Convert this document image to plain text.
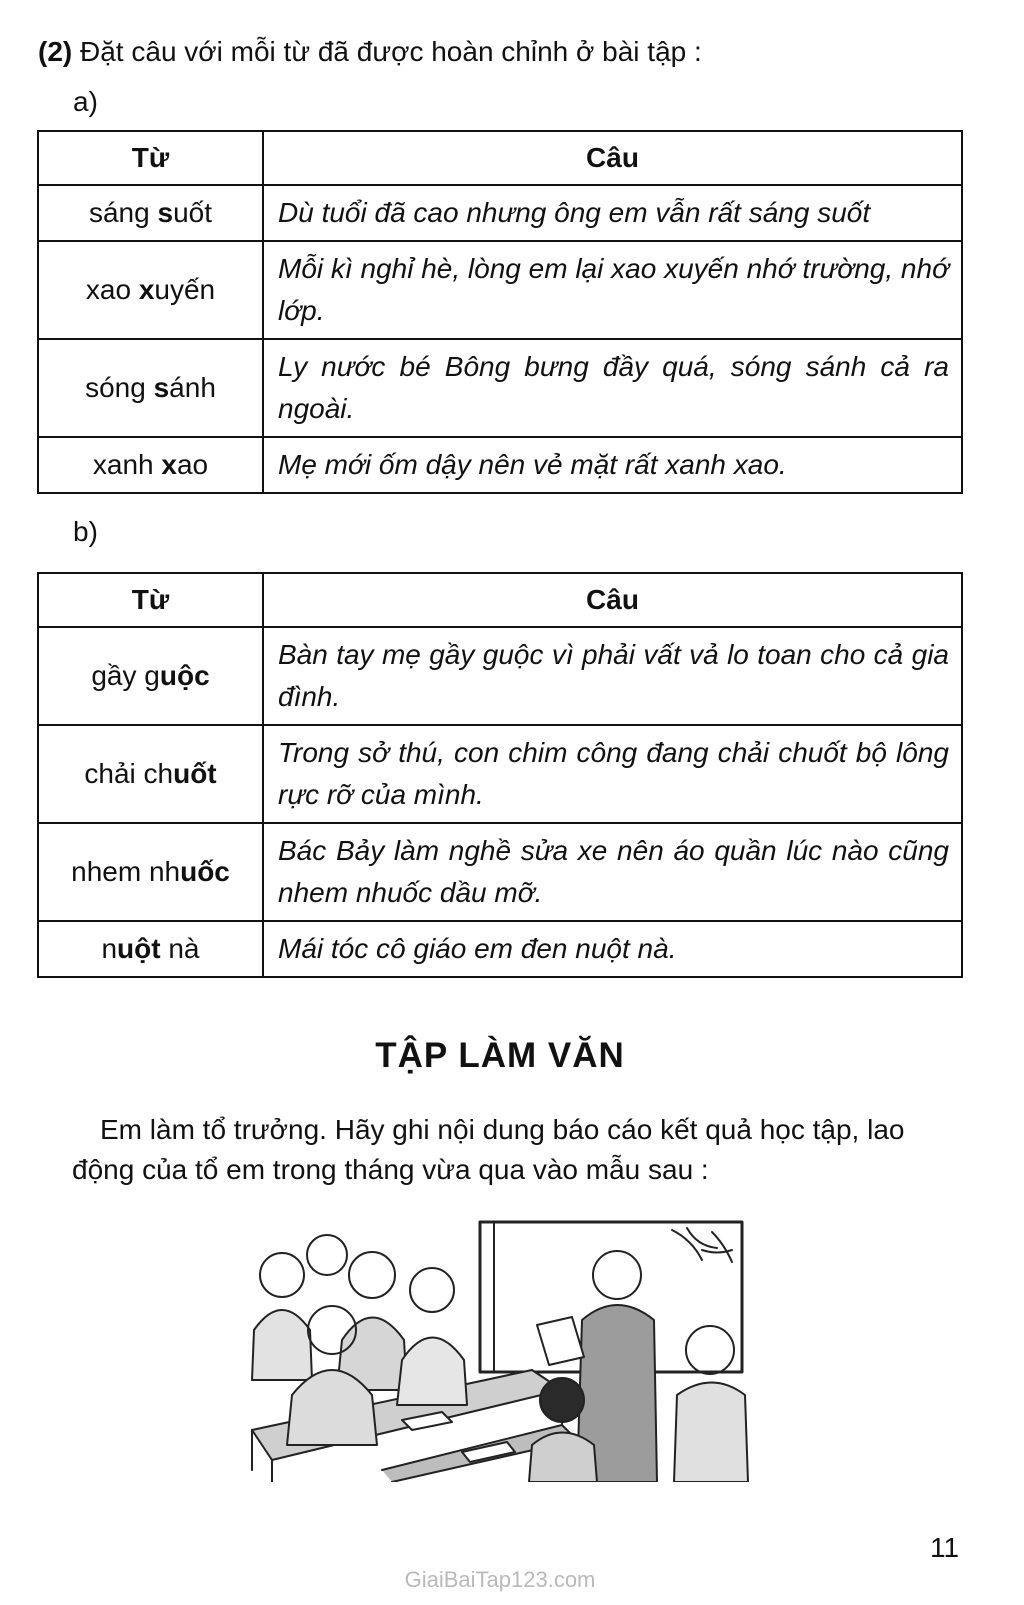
(2) Đặt câu với mỗi từ đã được hoàn chỉnh ở bài tập :
a)
Từ	Câu
sáng suốt	Dù tuổi đã cao nhưng ông em vẫn rất sáng suốt
xao xuyến	Mỗi kì nghỉ hè, lòng em lại xao xuyến nhớ trường, nhớ lớp.
sóng sánh	Ly nước bé Bông bưng đầy quá, sóng sánh cả ra ngoài.
xanh xao	Mẹ mới ốm dậy nên vẻ mặt rất xanh xao.
b)
Từ	Câu
gầy guộc	Bàn tay mẹ gầy guộc vì phải vất vả lo toan cho cả gia đình.
chải chuốt	Trong sở thú, con chim công đang chải chuốt bộ lông rực rỡ của mình.
nhem nhuốc	Bác Bảy làm nghề sửa xe nên áo quần lúc nào cũng nhem nhuốc dầu mỡ.
nuột nà	Mái tóc cô giáo em đen nuột nà.
TẬP LÀM VĂN
Em làm tổ trưởng. Hãy ghi nội dung báo cáo kết quả học tập, lao động của tổ em trong tháng vừa qua vào mẫu sau :
11
GiaiBaiTap123.com
